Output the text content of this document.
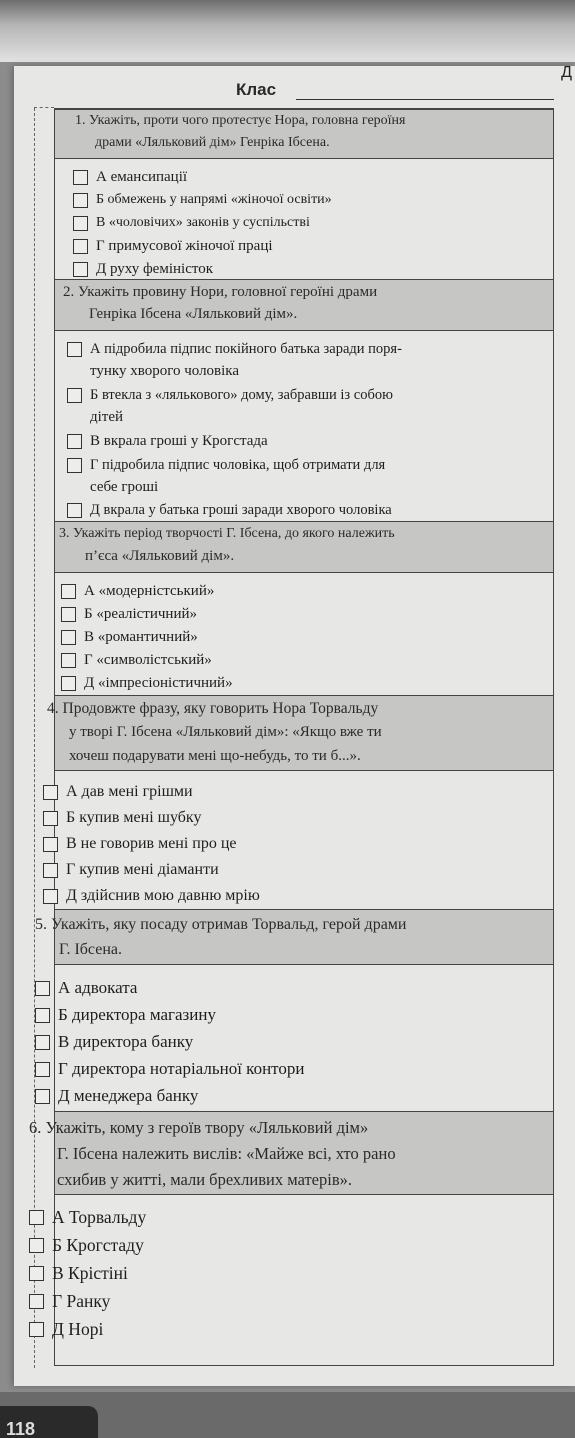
Клас
Д
1. Укажіть, проти чого протестує Нора, головна героїня
драми «Ляльковий дім» Генріка Ібсена.
А емансипації
Б обмежень у напрямі «жіночої освіти»
В «чоловічих» законів у суспільстві
Г примусової жіночої праці
Д руху феміністок
2. Укажіть провину Нори, головної героїні драми
Генріка Ібсена «Ляльковий дім».
А підробила підпис покійного батька заради поря-
тунку хворого чоловіка
Б втекла з «лялькового» дому, забравши із собою
дітей
В вкрала гроші у Крогстада
Г підробила підпис чоловіка, щоб отримати для
себе гроші
Д вкрала у батька гроші заради хворого чоловіка
3. Укажіть період творчості Г. Ібсена, до якого належить
п’єса «Ляльковий дім».
А «модерністський»
Б «реалістичний»
В «романтичний»
Г «символістський»
Д «імпресіоністичний»
4. Продовжте фразу, яку говорить Нора Торвальду
у творі Г. Ібсена «Ляльковий дім»: «Якщо вже ти
хочеш подарувати мені що-небудь, то ти б...».
А дав мені грішми
Б купив мені шубку
В не говорив мені про це
Г купив мені діаманти
Д здійснив мою давню мрію
5. Укажіть, яку посаду отримав Торвальд, герой драми
Г. Ібсена.
А адвоката
Б директора магазину
В директора банку
Г директора нотаріальної контори
Д менеджера банку
6. Укажіть, кому з героїв твору «Ляльковий дім»
Г. Ібсена належить вислів: «Майже всі, хто рано
схибив у житті, мали брехливих матерів».
А Торвальду
Б Крогстаду
В Крістіні
Г Ранку
Д Норі
118
